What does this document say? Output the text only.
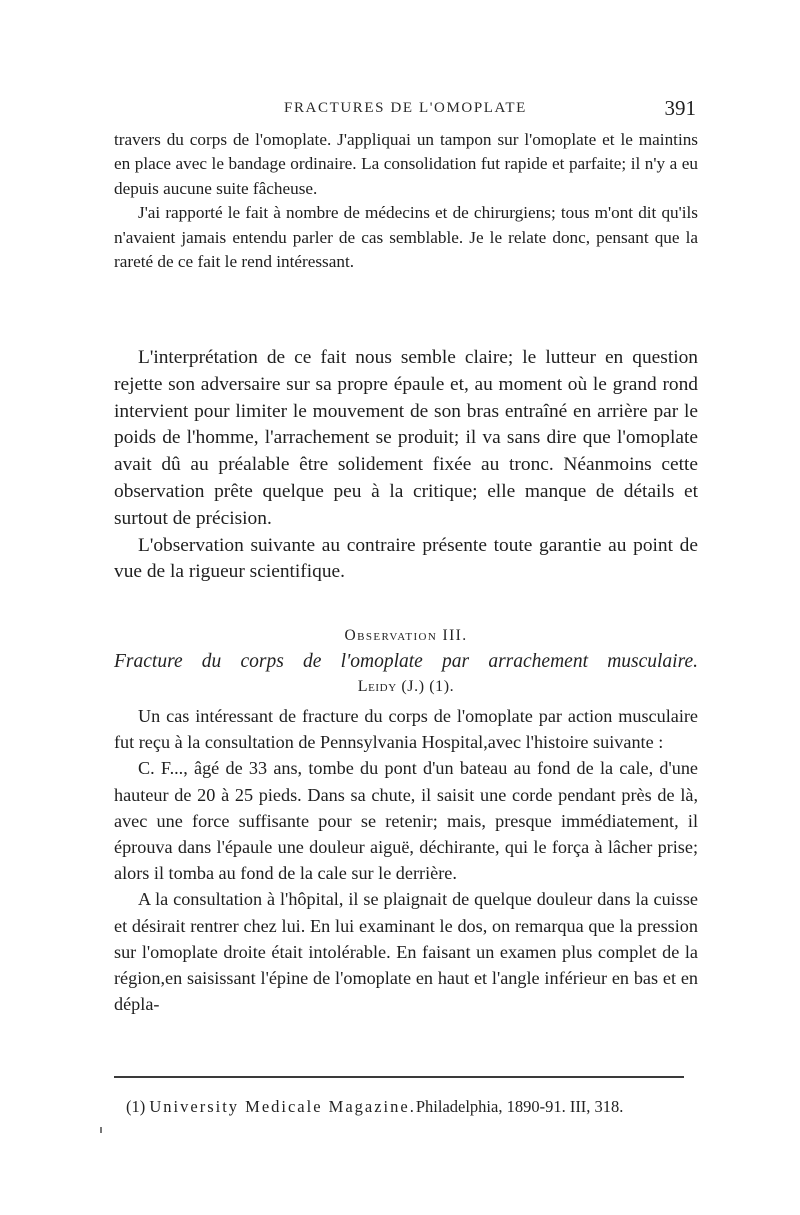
FRACTURES DE L'OMOPLATE	391

travers du corps de l'omoplate. J'appliquai un tampon sur l'omoplate et le maintins en place avec le bandage ordinaire. La consolidation fut rapide et parfaite; il n'y a eu depuis aucune suite fâcheuse.

J'ai rapporté le fait à nombre de médecins et de chirurgiens; tous m'ont dit qu'ils n'avaient jamais entendu parler de cas semblable. Je le relate donc, pensant que la rareté de ce fait le rend intéressant.

L'interprétation de ce fait nous semble claire; le lutteur en question rejette son adversaire sur sa propre épaule et, au moment où le grand rond intervient pour limiter le mouvement de son bras entraîné en arrière par le poids de l'homme, l'arrachement se produit; il va sans dire que l'omoplate avait dû au préalable être solidement fixée au tronc. Néanmoins cette observation prête quelque peu à la critique; elle manque de détails et surtout de précision.

L'observation suivante au contraire présente toute garantie au point de vue de la rigueur scientifique.

Observation III.
Fracture du corps de l'omoplate par arrachement musculaire.
Leidy (J.) (1).

Un cas intéressant de fracture du corps de l'omoplate par action musculaire fut reçu à la consultation de Pennsylvania Hospital,avec l'histoire suivante :

C. F..., âgé de 33 ans, tombe du pont d'un bateau au fond de la cale, d'une hauteur de 20 à 25 pieds. Dans sa chute, il saisit une corde pendant près de là, avec une force suffisante pour se retenir; mais, presque immédiatement, il éprouva dans l'épaule une douleur aiguë, déchirante, qui le força à lâcher prise; alors il tomba au fond de la cale sur le derrière.

A la consultation à l'hôpital, il se plaignait de quelque douleur dans la cuisse et désirait rentrer chez lui. En lui examinant le dos, on remarqua que la pression sur l'omoplate droite était intolérable. En faisant un examen plus complet de la région,en saisissant l'épine de l'omoplate en haut et l'angle inférieur en bas et en dépla-

(1) University Medicale Magazine.Philadelphia, 1890-91. III, 318.
